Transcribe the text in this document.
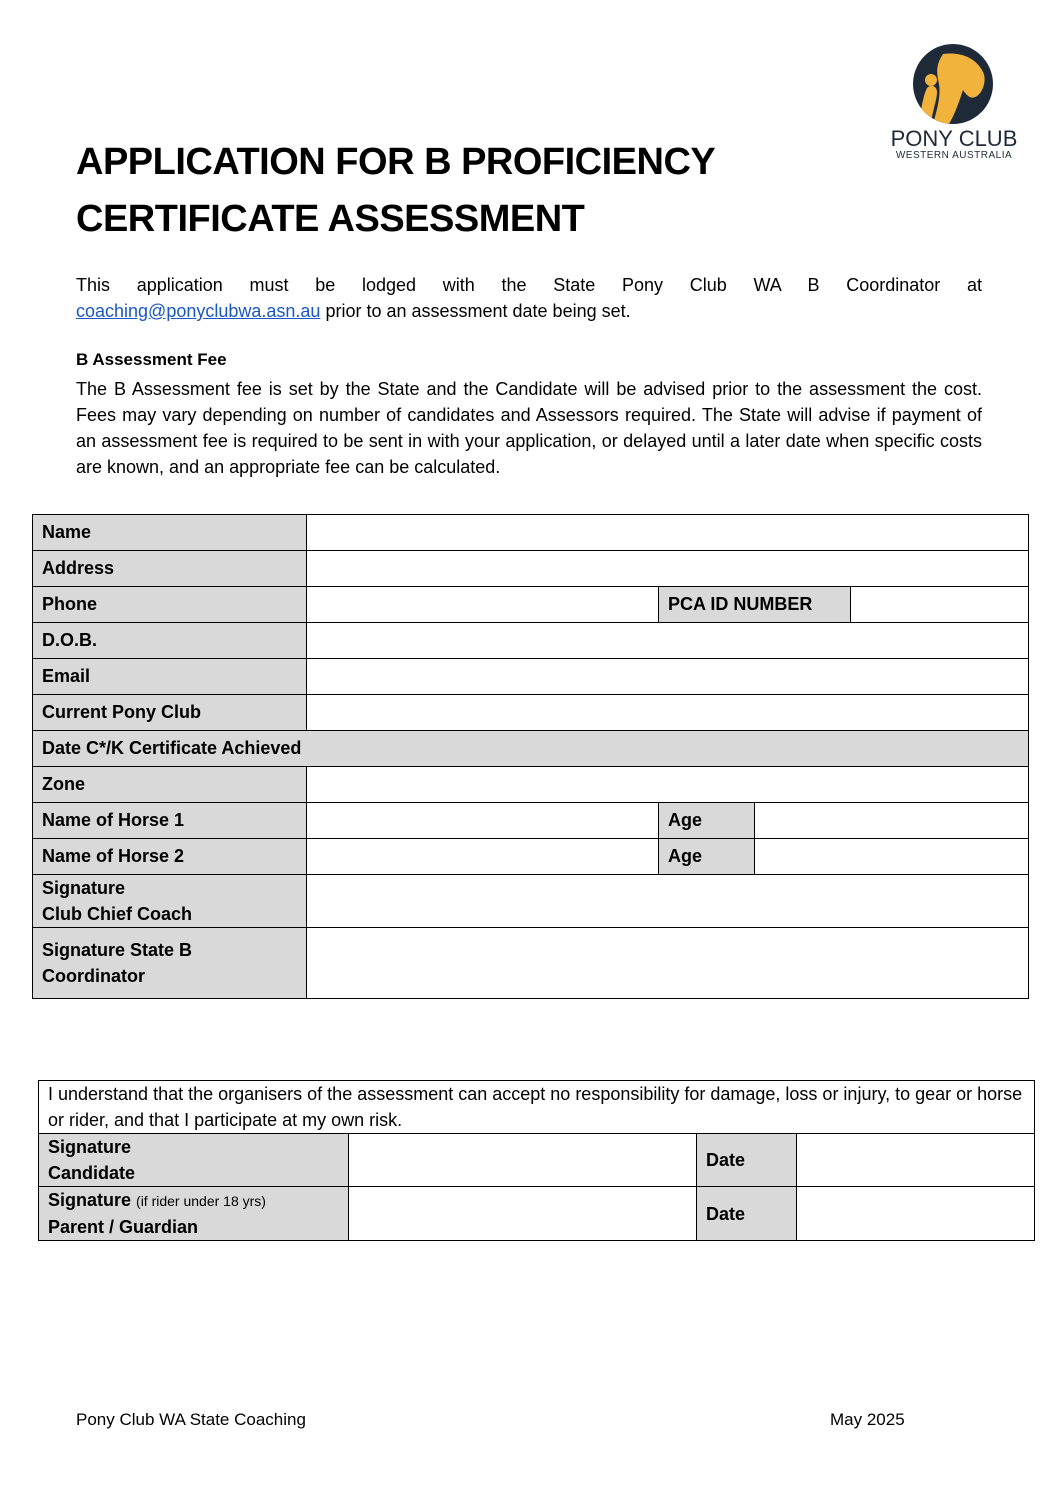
APPLICATION FOR B PROFICIENCY
CERTIFICATE ASSESSMENT
PONY CLUB
WESTERN AUSTRALIA
This application must be lodged with the State Pony Club WA B Coordinator at
coaching@ponyclubwa.asn.au prior to an assessment date being set.
B Assessment Fee
The B Assessment fee is set by the State and the Candidate will be advised prior to the assessment the cost. Fees may vary depending on number of candidates and Assessors required. The State will advise if payment of an assessment fee is required to be sent in with your application, or delayed until a later date when specific costs are known, and an appropriate fee can be calculated.
Name				
Address				
Phone		PCA ID NUMBER		
D.O.B.				
Email				
Current Pony Club				
Date C*/K Certificate Achieved				
Zone				
Name of Horse 1		Age		
Name of Horse 2		Age		

Signature
Club Chief Coach				

Signature State B
Coordinator				

I understand that the organisers of the assessment can accept no responsibility for damage, loss or injury, to gear or horse or rider, and that I participate at my own risk.			

Signature
Candidate		Date	

Signature (if rider under 18 yrs)
Parent / Guardian		Date	
Pony Club WA State Coaching	May 2025
